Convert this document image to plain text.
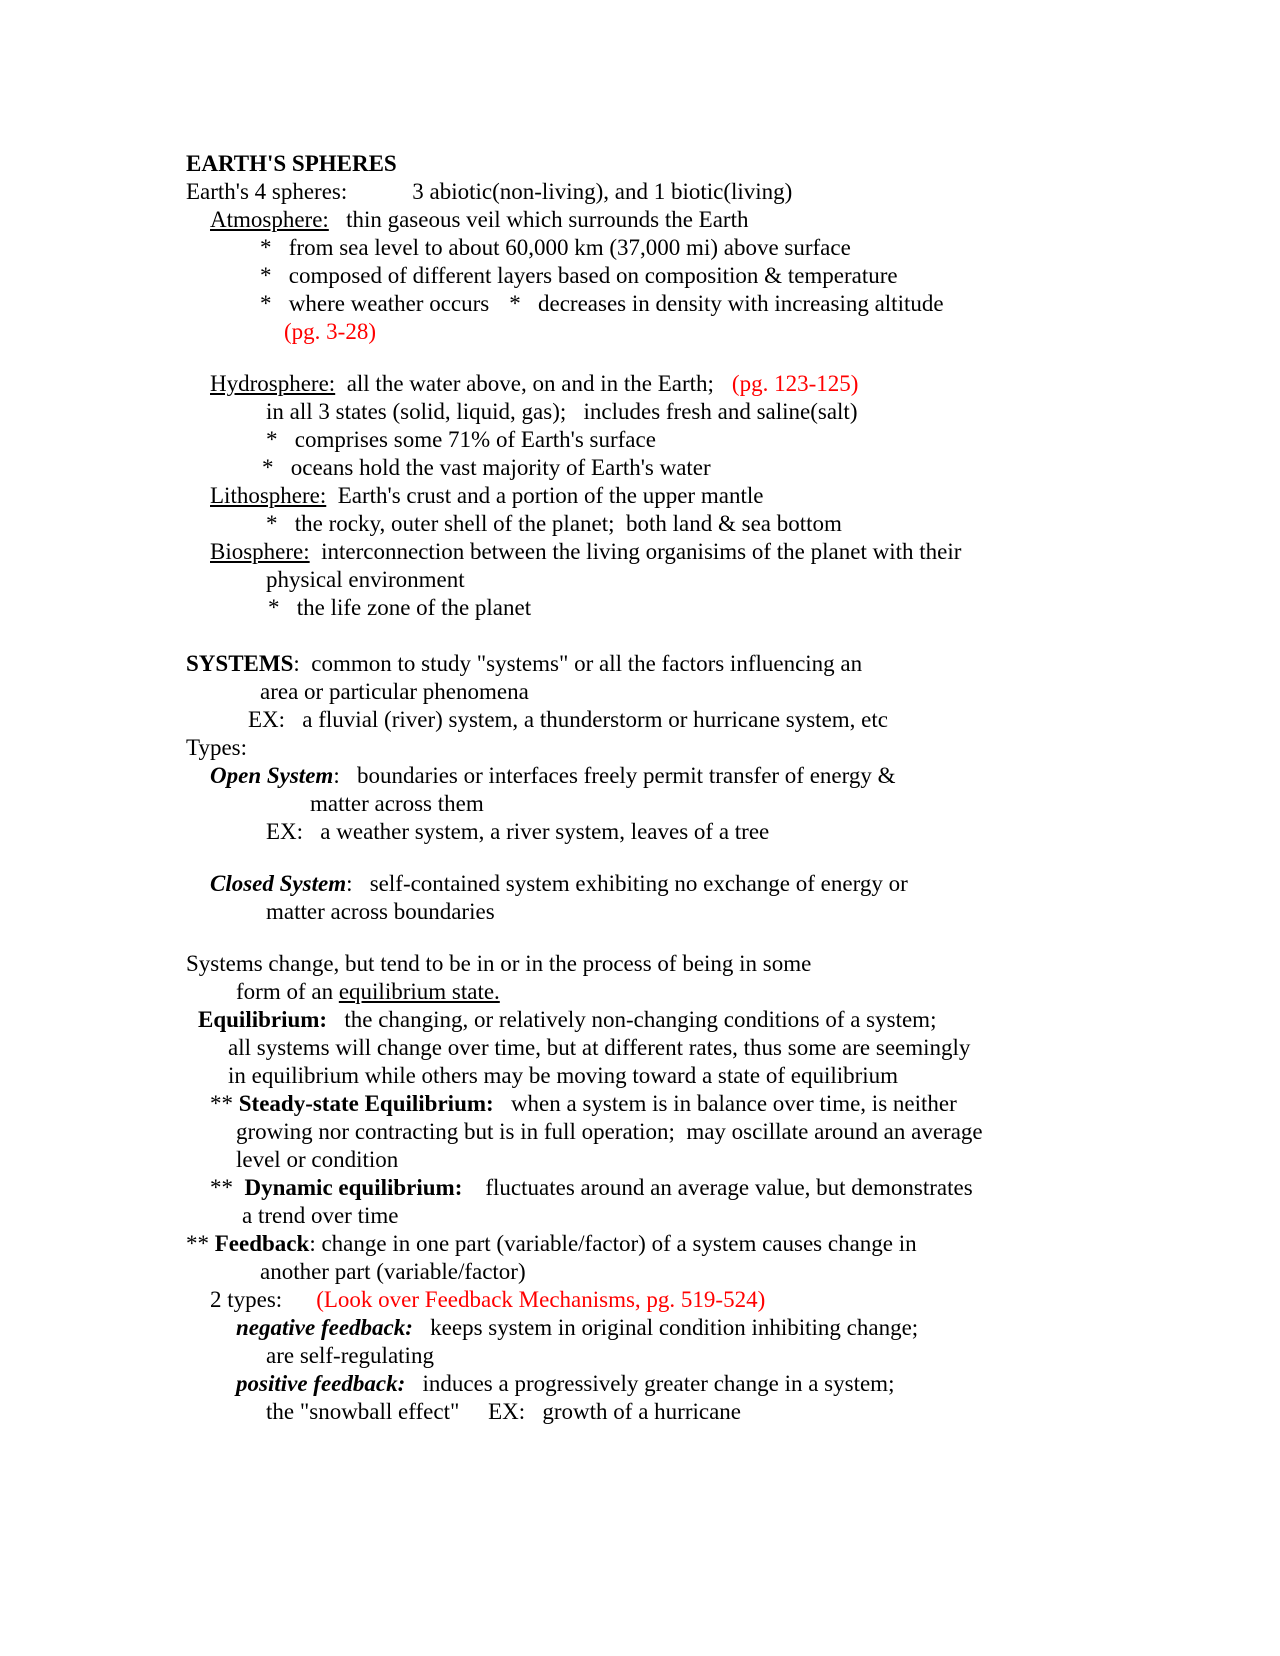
EARTH'S SPHERES
Earth's 4 spheres:	3 abiotic(non-living), and 1 biotic(living)
Atmosphere: thin gaseous veil which surrounds the Earth
*   from sea level to about 60,000 km (37,000 mi) above surface
*   composed of different layers based on composition & temperature
*   where weather occurs *   decreases in density with increasing altitude
(pg. 3-28)
Hydrosphere: all the water above, on and in the Earth; (pg. 123-125)
in all 3 states (solid, liquid, gas);   includes fresh and saline(salt)
*   comprises some 71% of Earth's surface
*   oceans hold the vast majority of Earth's water
Lithosphere: Earth's crust and a portion of the upper mantle
*   the rocky, outer shell of the planet;  both land & sea bottom
Biosphere: interconnection between the living organisims of the planet with their
physical environment
*   the life zone of the planet
SYSTEMS:  common to study "systems" or all the factors influencing an
area or particular phenomena
EX:   a fluvial (river) system, a thunderstorm or hurricane system, etc
Types:
Open System:   boundaries or interfaces freely permit transfer of energy &
matter across them
EX:   a weather system, a river system, leaves of a tree
Closed System:   self-contained system exhibiting no exchange of energy or
matter across boundaries
Systems change, but tend to be in or in the process of being in some
form of an equilibrium state.
Equilibrium: the changing, or relatively non-changing conditions of a system;
all systems will change over time, but at different rates, thus some are seemingly
in equilibrium while others may be moving toward a state of equilibrium
** Steady-state Equilibrium: when a system is in balance over time, is neither
growing nor contracting but is in full operation;  may oscillate around an average
level or condition
**  Dynamic equilibrium: fluctuates around an average value, but demonstrates
a trend over time
** Feedback: change in one part (variable/factor) of a system causes change in
another part (variable/factor)
2 types: (Look over Feedback Mechanisms, pg. 519-524)
negative feedback: keeps system in original condition inhibiting change;
are self-regulating
positive feedback: induces a progressively greater change in a system;
the "snowball effect"     EX:   growth of a hurricane
